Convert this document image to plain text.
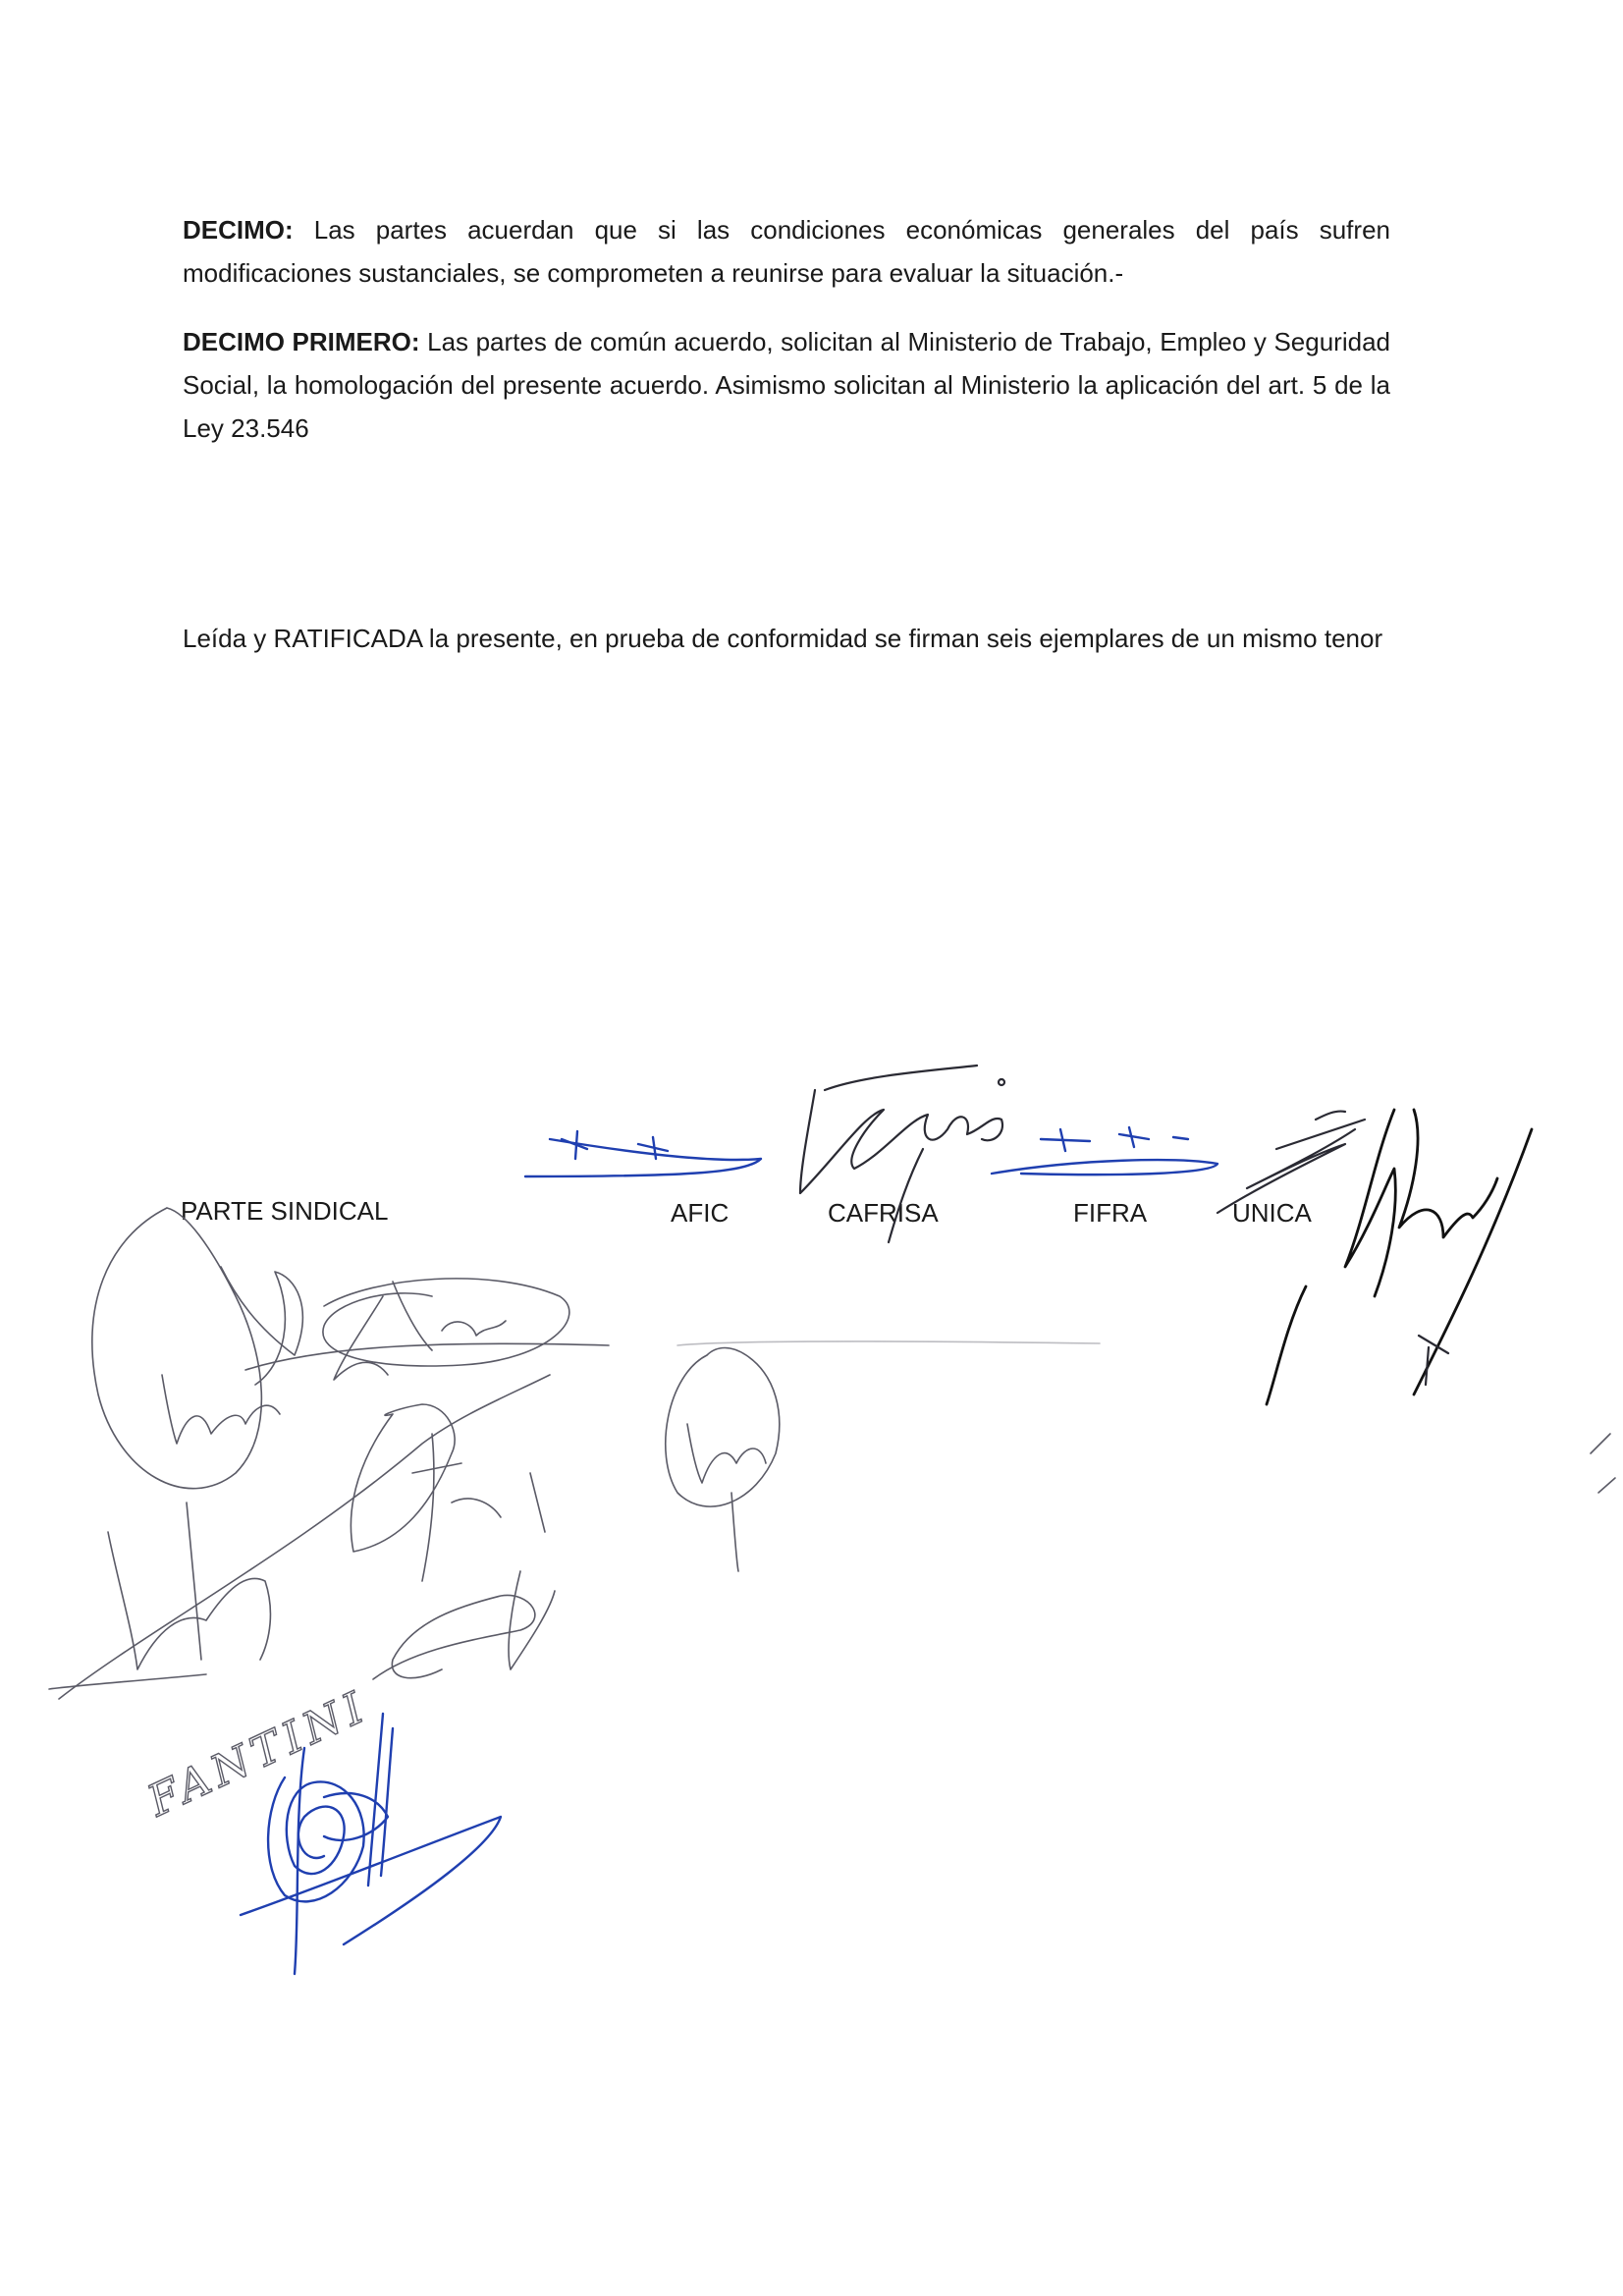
DECIMO: Las partes acuerdan que si las condiciones económicas generales del país sufren modificaciones sustanciales, se comprometen a reunirse para evaluar la situación.-

DECIMO PRIMERO: Las partes de común acuerdo, solicitan al Ministerio de Trabajo, Empleo y Seguridad Social, la homologación del presente acuerdo. Asimismo solicitan al Ministerio la aplicación del art. 5 de la Ley 23.546

Leída y RATIFICADA la presente, en prueba de conformidad se firman seis ejemplares de un mismo tenor

PARTE SINDICAL	AFIC	CAFRISA	FIFRA	UNICA
FANTINI
